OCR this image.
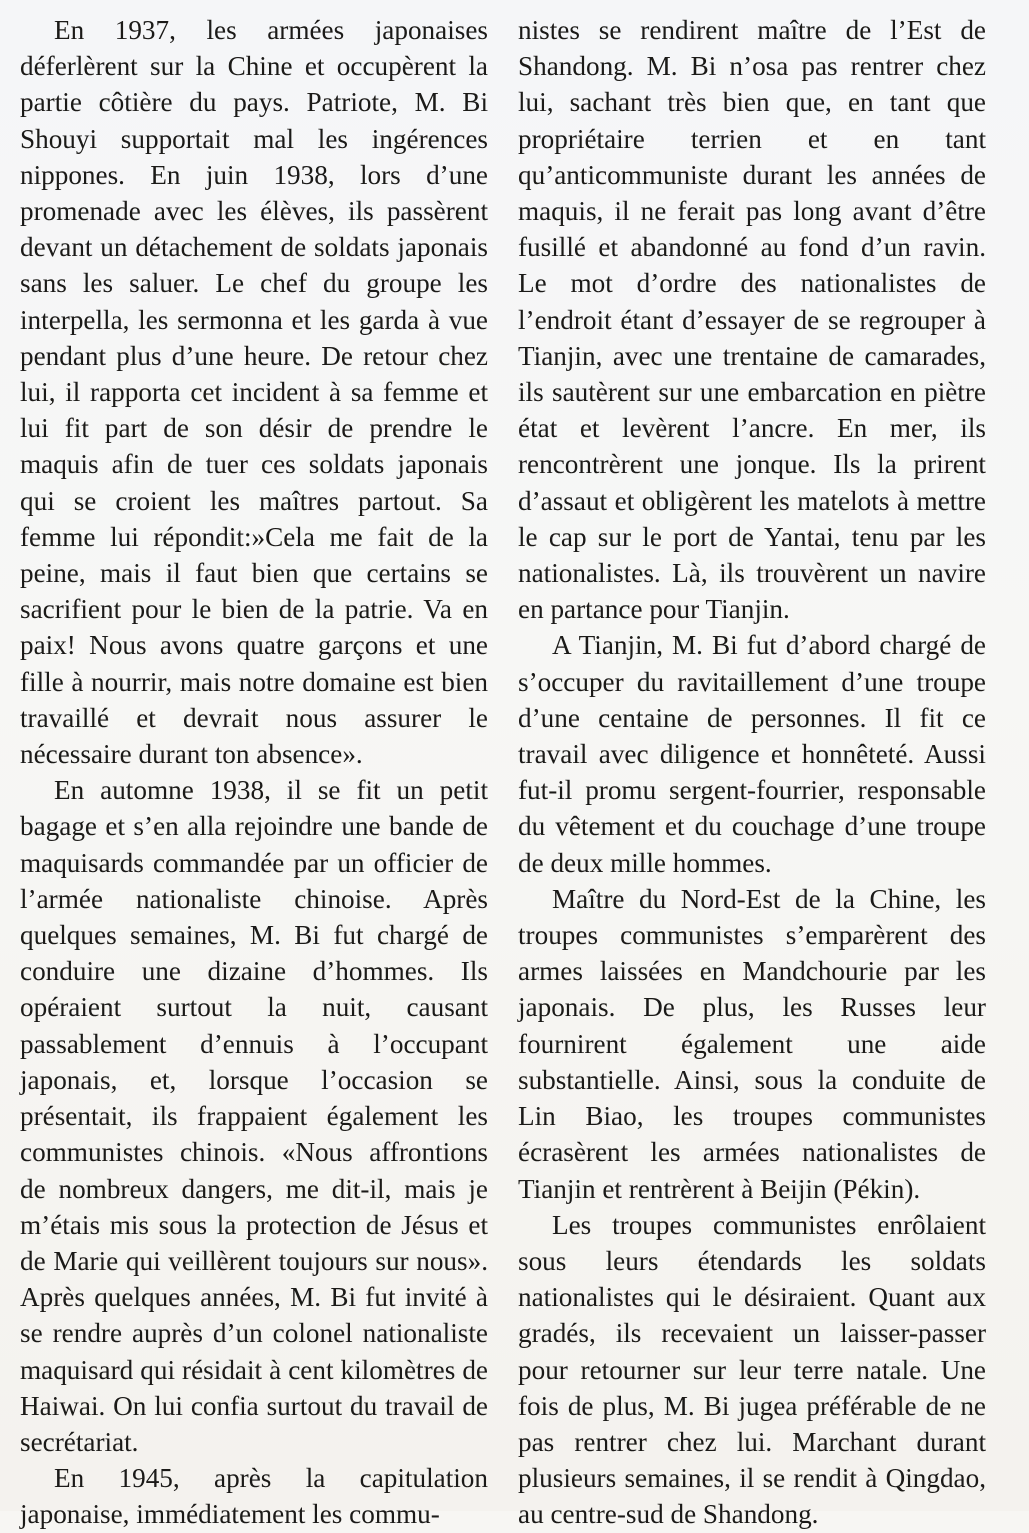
En 1937, les armées japonaises déferlèrent sur la Chine et occupèrent la partie côtière du pays. Patriote, M. Bi Shouyi supportait mal les ingérences nippones. En juin 1938, lors d’une promenade avec les élèves, ils passèrent devant un détachement de soldats japonais sans les saluer. Le chef du groupe les interpella, les sermonna et les garda à vue pendant plus d’une heure. De retour chez lui, il rapporta cet incident à sa femme et lui fit part de son désir de prendre le maquis afin de tuer ces soldats japonais qui se croient les maîtres partout. Sa femme lui répondit:»Cela me fait de la peine, mais il faut bien que certains se sacrifient pour le bien de la patrie. Va en paix! Nous avons quatre garçons et une fille à nourrir, mais notre domaine est bien travaillé et devrait nous assurer le nécessaire durant ton absence».

En automne 1938, il se fit un petit bagage et s’en alla rejoindre une bande de maquisards commandée par un officier de l’armée nationaliste chinoise. Après quelques semaines, M. Bi fut chargé de conduire une dizaine d’hommes. Ils opéraient surtout la nuit, causant passablement d’ennuis à l’occupant japonais, et, lorsque l’occasion se présentait, ils frappaient également les communistes chinois. «Nous affrontions de nombreux dangers, me dit-il, mais je m’étais mis sous la protection de Jésus et de Marie qui veillèrent toujours sur nous». Après quelques années, M. Bi fut invité à se rendre auprès d’un colonel nationaliste maquisard qui résidait à cent kilomètres de Haiwai. On lui confia surtout du travail de secrétariat.

En 1945, après la capitulation japonaise, immédiatement les commu-

nistes se rendirent maître de l’Est de Shandong. M. Bi n’osa pas rentrer chez lui, sachant très bien que, en tant que propriétaire terrien et en tant qu’anticommuniste durant les années de maquis, il ne ferait pas long avant d’être fusillé et abandonné au fond d’un ravin. Le mot d’ordre des nationalistes de l’endroit étant d’essayer de se regrouper à Tianjin, avec une trentaine de camarades, ils sautèrent sur une embarcation en piètre état et levèrent l’ancre. En mer, ils rencontrèrent une jonque. Ils la prirent d’assaut et obligèrent les matelots à mettre le cap sur le port de Yantai, tenu par les nationalistes. Là, ils trouvèrent un navire en partance pour Tianjin.

A Tianjin, M. Bi fut d’abord chargé de s’occuper du ravitaillement d’une troupe d’une centaine de personnes. Il fit ce travail avec diligence et honnêteté. Aussi fut-il promu sergent-fourrier, responsable du vêtement et du couchage d’une troupe de deux mille hommes.

Maître du Nord-Est de la Chine, les troupes communistes s’emparèrent des armes laissées en Mandchourie par les japonais. De plus, les Russes leur fournirent également une aide substantielle. Ainsi, sous la conduite de Lin Biao, les troupes communistes écrasèrent les armées nationalistes de Tianjin et rentrèrent à Beijin (Pékin).

Les troupes communistes enrôlaient sous leurs étendards les soldats nationalistes qui le désiraient. Quant aux gradés, ils recevaient un laisser-passer pour retourner sur leur terre natale. Une fois de plus, M. Bi jugea préférable de ne pas rentrer chez lui. Marchant durant plusieurs semaines, il se rendit à Qingdao, au centre-sud de Shandong.
